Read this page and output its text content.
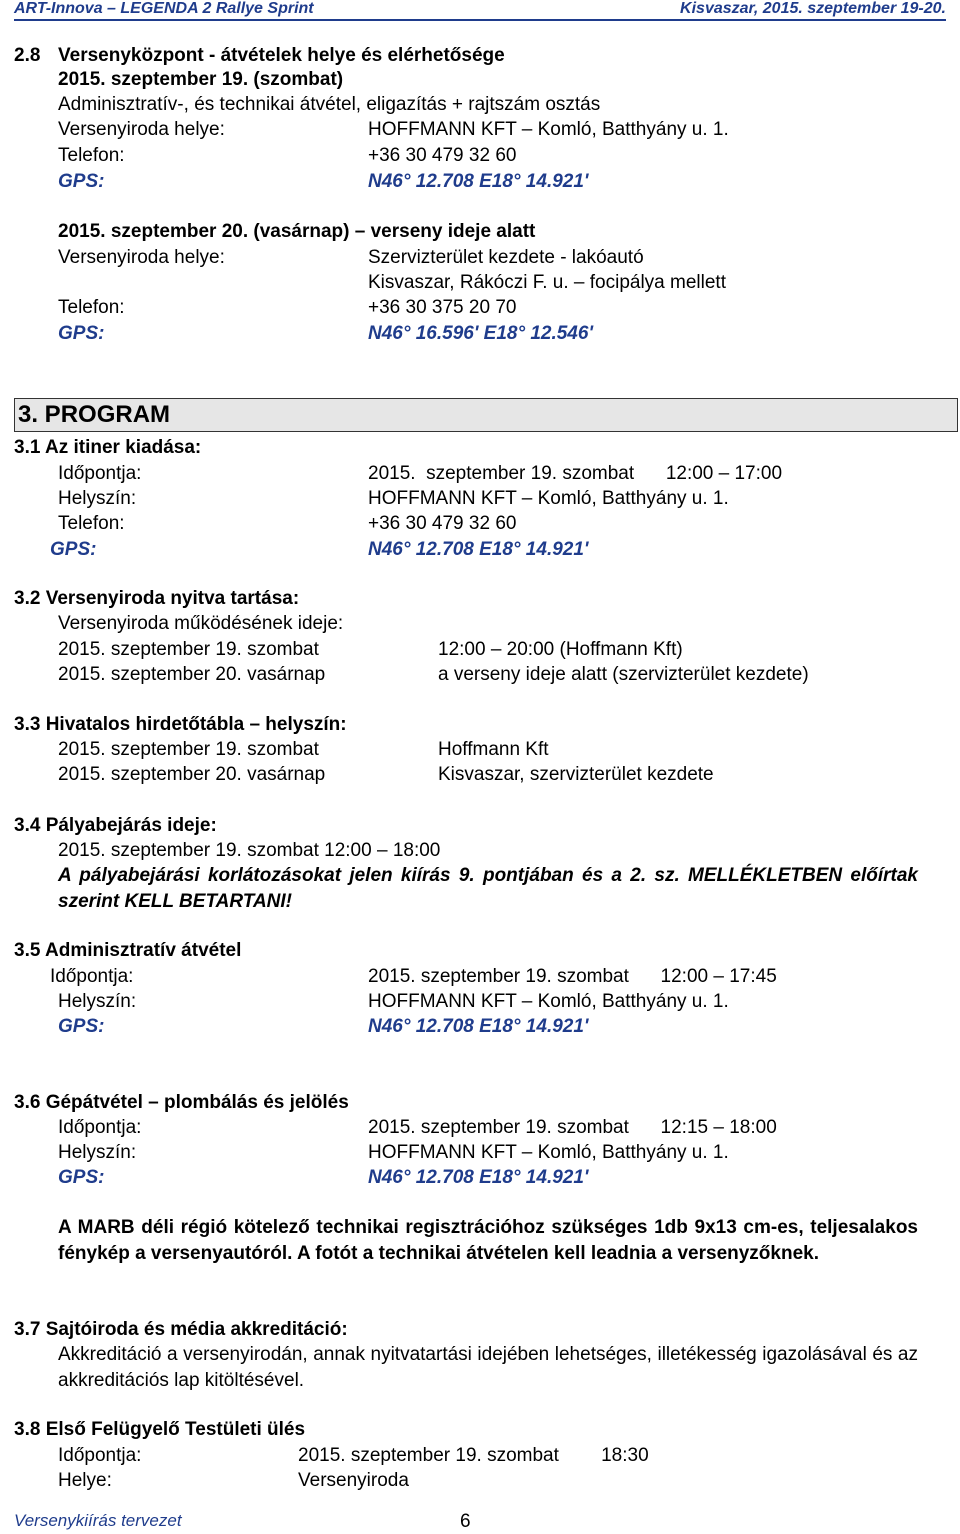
ART-Innova – LEGENDA 2 Rallye Sprint	Kisvaszar, 2015. szeptember 19-20.
2.8 Versenyközpont - átvételek helye és elérhetősége
2015. szeptember 19. (szombat)
Adminisztratív-, és technikai átvétel, eligazítás + rajtszám osztás
Versenyiroda helye:	HOFFMANN KFT – Komló, Batthyány u. 1.
Telefon:	+36 30 479 32 60
GPS:	N46° 12.708 E18° 14.921'
2015. szeptember 20. (vasárnap) – verseny ideje alatt
Versenyiroda helye:	Szervizterület kezdete - lakóautó
Kisvaszar, Rákóczi F. u. – focipálya mellett
Telefon:	+36 30 375 20 70
GPS:	N46° 16.596' E18° 12.546'
3. PROGRAM
3.1 Az itiner kiadása:
Időpontja:	2015.  szeptember 19. szombat      12:00 – 17:00
Helyszín:	HOFFMANN KFT – Komló, Batthyány u. 1.
Telefon:	+36 30 479 32 60
GPS:	N46° 12.708 E18° 14.921'
3.2 Versenyiroda nyitva tartása:
Versenyiroda működésének ideje:
2015. szeptember 19. szombat	12:00 – 20:00 (Hoffmann Kft)
2015. szeptember 20. vasárnap	a verseny ideje alatt (szervizterület kezdete)
3.3 Hivatalos hirdetőtábla – helyszín:
2015. szeptember 19. szombat	Hoffmann Kft
2015. szeptember 20. vasárnap	Kisvaszar, szervizterület kezdete
3.4 Pályabejárás ideje:
2015. szeptember 19. szombat 12:00 – 18:00
A pályabejárási korlátozásokat jelen kiírás 9. pontjában és a 2. sz. MELLÉKLETBEN előírtak szerint KELL BETARTANI!
3.5 Adminisztratív átvétel
Időpontja:	2015. szeptember 19. szombat      12:00 – 17:45
Helyszín:	HOFFMANN KFT – Komló, Batthyány u. 1.
GPS:	N46° 12.708 E18° 14.921'
3.6 Gépátvétel – plombálás és jelölés
Időpontja:	2015. szeptember 19. szombat      12:15 – 18:00
Helyszín:	HOFFMANN KFT – Komló, Batthyány u. 1.
GPS:	N46° 12.708 E18° 14.921'
A MARB déli régió kötelező technikai regisztrációhoz szükséges 1db 9x13 cm-es, teljesalakos fénykép a versenyautóról. A fotót a technikai átvételen kell leadnia a versenyzőknek.
3.7 Sajtóiroda és média akkreditáció:
Akkreditáció a versenyirodán, annak nyitvatartási idejében lehetséges, illetékesség igazolásával és az akkreditációs lap kitöltésével.
3.8 Első Felügyelő Testületi ülés
Időpontja:	2015. szeptember 19. szombat        18:30
Helye:	Versenyiroda
Versenykiírás tervezet	6
